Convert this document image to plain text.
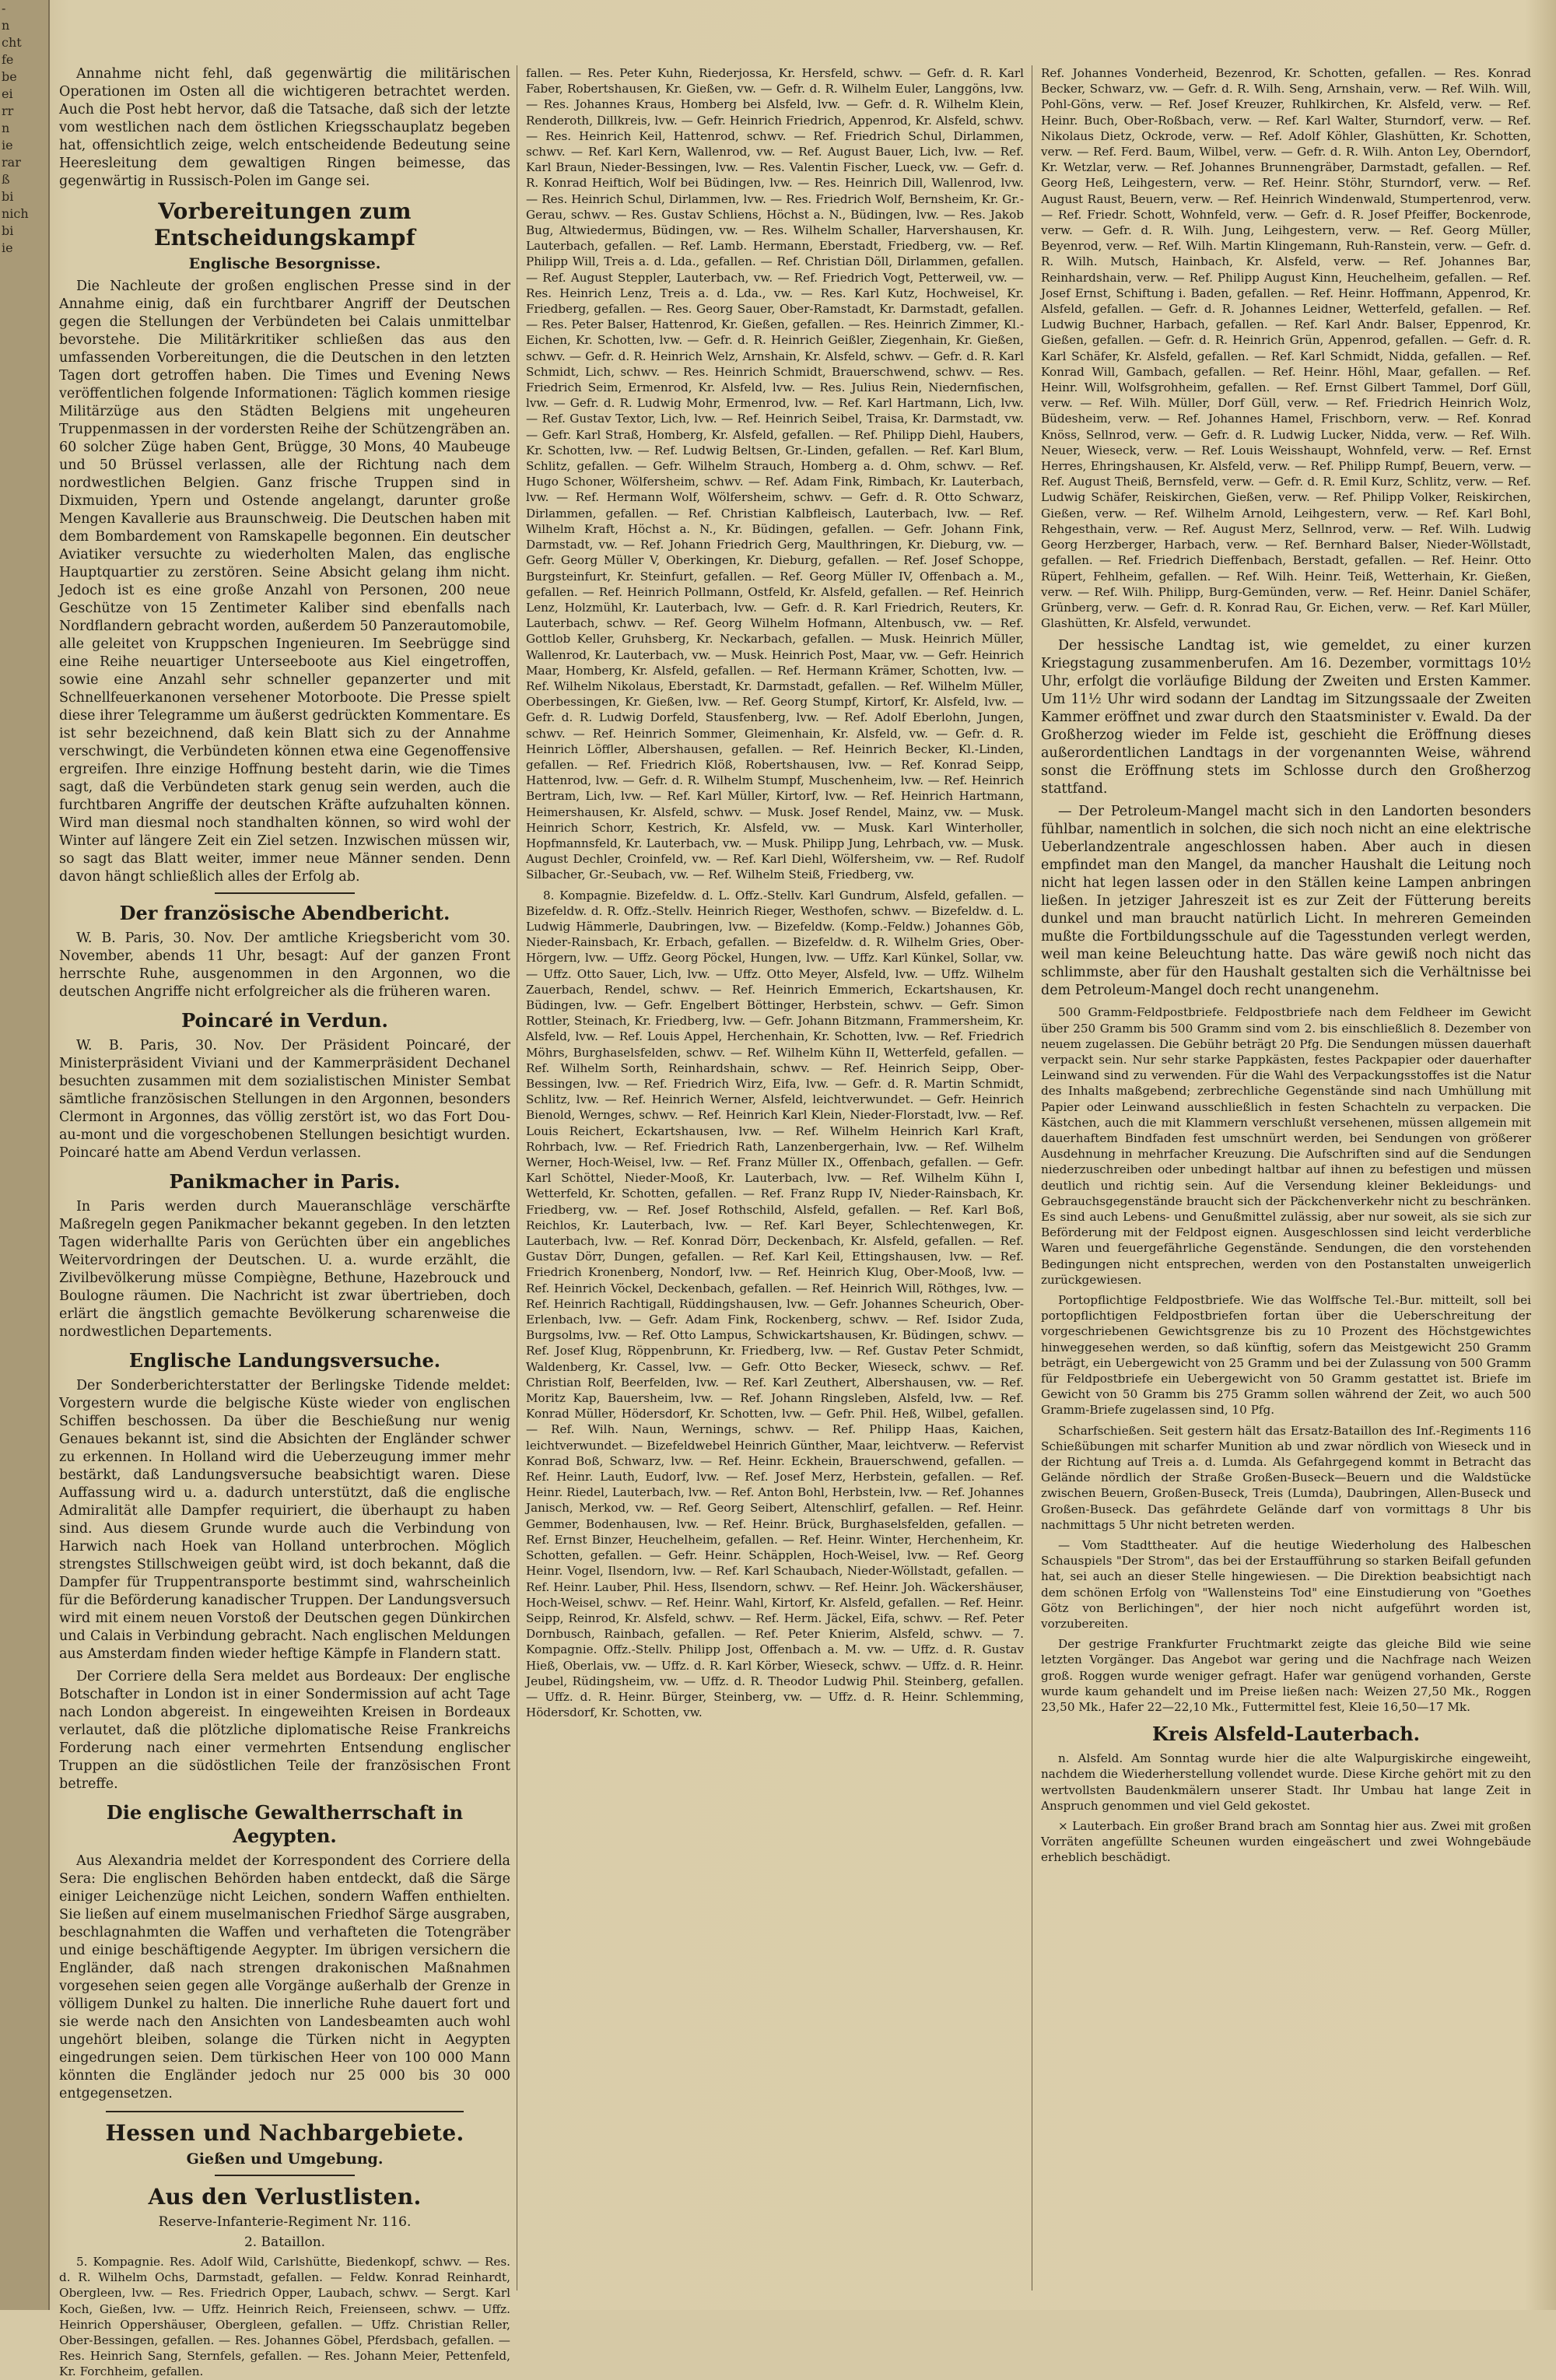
-
n
cht
fe
be
ei
rr
n
ie
rar
ß
bi
nich
bi
ie

Annahme nicht fehl, daß gegenwärtig die militärischen Operationen im Osten all die wichtigeren betrachtet werden. Auch die Post hebt hervor, daß die Tatsache, daß sich der letzte vom westlichen nach dem östlichen Kriegsschauplatz begeben hat, offensichtlich zeige, welch entscheidende Bedeutung seine Heeresleitung dem gewaltigen Ringen beimesse, das gegenwärtig in Russisch-Polen im Gange sei.

Vorbereitungen zum Entscheidungskampf
Englische Besorgnisse.

Die Nachleute der großen englischen Presse sind in der Annahme einig, daß ein furchtbarer Angriff der Deutschen gegen die Stellungen der Verbündeten bei Calais unmittelbar bevorstehe. Die Militärkritiker schließen das aus den umfassenden Vorbereitungen, die die Deutschen in den letzten Tagen dort getroffen haben. Die Times und Evening News veröffentlichen folgende Informationen: Täglich kommen riesige Militärzüge aus den Städten Belgiens mit ungeheuren Truppenmassen in der vordersten Reihe der Schützengräben an. 60 solcher Züge haben Gent, Brügge, 30 Mons, 40 Maubeuge und 50 Brüssel verlassen, alle der Richtung nach dem nordwestlichen Belgien. Ganz frische Truppen sind in Dixmuiden, Ypern und Ostende angelangt, darunter große Mengen Kavallerie aus Braunschweig. Die Deutschen haben mit dem Bombardement von Ramskapelle begonnen. Ein deutscher Aviatiker versuchte zu wiederholten Malen, das englische Hauptquartier zu zerstören. Seine Absicht gelang ihm nicht. Jedoch ist es eine große Anzahl von Personen, 200 neue Geschütze von 15 Zentimeter Kaliber sind ebenfalls nach Nordflandern gebracht worden, außerdem 50 Panzerautomobile, alle geleitet von Kruppschen Ingenieuren. Im Seebrügge sind eine Reihe neuartiger Unterseeboote aus Kiel eingetroffen, sowie eine Anzahl sehr schneller gepanzerter und mit Schnellfeuerkanonen versehener Motorboote. Die Presse spielt diese ihrer Telegramme um äußerst gedrückten Kommentare. Es ist sehr bezeichnend, daß kein Blatt sich zu der Annahme verschwingt, die Verbündeten können etwa eine Gegenoffensive ergreifen. Ihre einzige Hoffnung besteht darin, wie die Times sagt, daß die Verbündeten stark genug sein werden, auch die furchtbaren Angriffe der deutschen Kräfte aufzuhalten können. Wird man diesmal noch standhalten können, so wird wohl der Winter auf längere Zeit ein Ziel setzen. Inzwischen müssen wir, so sagt das Blatt weiter, immer neue Männer senden. Denn davon hängt schließlich alles der Erfolg ab.

Der französische Abendbericht.

W. B. Paris, 30. Nov. Der amtliche Kriegsbericht vom 30. November, abends 11 Uhr, besagt: Auf der ganzen Front herrschte Ruhe, ausgenommen in den Argonnen, wo die deutschen Angriffe nicht erfolgreicher als die früheren waren.

Poincaré in Verdun.

W. B. Paris, 30. Nov. Der Präsident Poincaré, der Ministerpräsident Viviani und der Kammerpräsident Dechanel besuchten zusammen mit dem sozialistischen Minister Sembat sämtliche französischen Stellungen in den Argonnen, besonders Clermont in Argonnes, das völlig zerstört ist, wo das Fort Dou-au-mont und die vorgeschobenen Stellungen besichtigt wurden. Poincaré hatte am Abend Verdun verlassen.

Panikmacher in Paris.

In Paris werden durch Maueranschläge verschärfte Maßregeln gegen Panikmacher bekannt gegeben. In den letzten Tagen widerhallte Paris von Gerüchten über ein angebliches Weitervordringen der Deutschen. U. a. wurde erzählt, die Zivilbevölkerung müsse Compiègne, Bethune, Hazebrouck und Boulogne räumen. Die Nachricht ist zwar übertrieben, doch erlärt die ängstlich gemachte Bevölkerung scharenweise die nordwestlichen Departements.

Englische Landungsversuche.

Der Sonderberichterstatter der Berlingske Tidende meldet: Vorgestern wurde die belgische Küste wieder von englischen Schiffen beschossen. Da über die Beschießung nur wenig Genaues bekannt ist, sind die Absichten der Engländer schwer zu erkennen. In Holland wird die Ueberzeugung immer mehr bestärkt, daß Landungsversuche beabsichtigt waren. Diese Auffassung wird u. a. dadurch unterstützt, daß die englische Admiralität alle Dampfer requiriert, die überhaupt zu haben sind. Aus diesem Grunde wurde auch die Verbindung von Harwich nach Hoek van Holland unterbrochen. Möglich strengstes Stillschweigen geübt wird, ist doch bekannt, daß die Dampfer für Truppentransporte bestimmt sind, wahrscheinlich für die Beförderung kanadischer Truppen. Der Landungsversuch wird mit einem neuen Vorstoß der Deutschen gegen Dünkirchen und Calais in Verbindung gebracht. Nach englischen Meldungen aus Amsterdam finden wieder heftige Kämpfe in Flandern statt.

Der Corriere della Sera meldet aus Bordeaux: Der englische Botschafter in London ist in einer Sondermission auf acht Tage nach London abgereist. In eingeweihten Kreisen in Bordeaux verlautet, daß die plötzliche diplomatische Reise Frankreichs Forderung nach einer vermehrten Entsendung englischer Truppen an die südöstlichen Teile der französischen Front betreffe.

Die englische Gewaltherrschaft in Aegypten.

Aus Alexandria meldet der Korrespondent des Corriere della Sera: Die englischen Behörden haben entdeckt, daß die Särge einiger Leichenzüge nicht Leichen, sondern Waffen enthielten. Sie ließen auf einem muselmanischen Friedhof Särge ausgraben, beschlagnahmten die Waffen und verhafteten die Totengräber und einige beschäftigende Aegypter. Im übrigen versichern die Engländer, daß nach strengen drakonischen Maßnahmen vorgesehen seien gegen alle Vorgänge außerhalb der Grenze in völligem Dunkel zu halten. Die innerliche Ruhe dauert fort und sie werde nach den Ansichten von Landesbeamten auch wohl ungehört bleiben, solange die Türken nicht in Aegypten eingedrungen seien. Dem türkischen Heer von 100 000 Mann könnten die Engländer jedoch nur 25 000 bis 30 000 entgegensetzen.

Hessen und Nachbargebiete.
Gießen und Umgebung.
Aus den Verlustlisten.
Reserve-Infanterie-Regiment Nr. 116.
2. Bataillon.

5. Kompagnie. Res. Adolf Wild, Carlshütte, Biedenkopf, schwv. — Res. d. R. Wilhelm Ochs, Darmstadt, gefallen. — Feldw. Konrad Reinhardt, Obergleen, lvw. — Res. Friedrich Opper, Laubach, schwv. — Sergt. Karl Koch, Gießen, lvw. — Uffz. Heinrich Reich, Freienseen, schwv. — Uffz. Heinrich Oppershäuser, Obergleen, gefallen. — Uffz. Christian Reller, Ober-Bessingen, gefallen. — Res. Johannes Göbel, Pferdsbach, gefallen. — Res. Heinrich Sang, Sternfels, gefallen. — Res. Johann Meier, Pettenfeld, Kr. Forchheim, gefallen.

fallen. — Res. Peter Kuhn, Riederjossa, Kr. Hersfeld, schwv. — Gefr. d. R. Karl Faber, Robertshausen, Kr. Gießen, vw. — Gefr. d. R. Wilhelm Euler, Langgöns, lvw. — Res. Johannes Kraus, Homberg bei Alsfeld, lvw. — Gefr. d. R. Wilhelm Klein, Renderoth, Dillkreis, lvw. — Gefr. Heinrich Friedrich, Appenrod, Kr. Alsfeld, schwv. — Res. Heinrich Keil, Hattenrod, schwv. — Ref. Friedrich Schul, Dirlammen, schwv. — Ref. Karl Kern, Wallenrod, vw. — Ref. August Bauer, Lich, lvw. — Ref. Karl Braun, Nieder-Bessingen, lvw. — Res. Valentin Fischer, Lueck, vw. — Gefr. d. R. Konrad Heiftich, Wolf bei Büdingen, lvw. — Res. Heinrich Dill, Wallenrod, lvw. — Res. Heinrich Schul, Dirlammen, lvw. — Res. Friedrich Wolf, Bernsheim, Kr. Gr.-Gerau, schwv. — Res. Gustav Schliens, Höchst a. N., Büdingen, lvw. — Res. Jakob Bug, Altwiedermus, Büdingen, vw. — Res. Wilhelm Schaller, Harvershausen, Kr. Lauterbach, gefallen. — Ref. Lamb. Hermann, Eberstadt, Friedberg, vw. — Ref. Philipp Will, Treis a. d. Lda., gefallen. — Ref. Christian Döll, Dirlammen, gefallen. — Ref. August Steppler, Lauterbach, vw. — Ref. Friedrich Vogt, Petterweil, vw. — Res. Heinrich Lenz, Treis a. d. Lda., vw. — Res. Karl Kutz, Hochweisel, Kr. Friedberg, gefallen. — Res. Georg Sauer, Ober-Ramstadt, Kr. Darmstadt, gefallen. — Res. Peter Balser, Hattenrod, Kr. Gießen, gefallen. — Res. Heinrich Zimmer, Kl.-Eichen, Kr. Schotten, lvw. — Gefr. d. R. Heinrich Geißler, Ziegenhain, Kr. Gießen, schwv. — Gefr. d. R. Heinrich Welz, Arnshain, Kr. Alsfeld, schwv. — Gefr. d. R. Karl Schmidt, Lich, schwv. — Res. Heinrich Schmidt, Brauerschwend, schwv. — Res. Friedrich Seim, Ermenrod, Kr. Alsfeld, lvw. — Res. Julius Rein, Niedernfischen, lvw. — Gefr. d. R. Ludwig Mohr, Ermenrod, lvw. — Ref. Karl Hartmann, Lich, lvw. — Ref. Gustav Textor, Lich, lvw. — Ref. Heinrich Seibel, Traisa, Kr. Darmstadt, vw. — Gefr. Karl Straß, Homberg, Kr. Alsfeld, gefallen. — Ref. Philipp Diehl, Haubers, Kr. Schotten, lvw. — Ref. Ludwig Beltsen, Gr.-Linden, gefallen. — Ref. Karl Blum, Schlitz, gefallen. — Gefr. Wilhelm Strauch, Homberg a. d. Ohm, schwv. — Ref. Hugo Schoner, Wölfersheim, schwv. — Ref. Adam Fink, Rimbach, Kr. Lauterbach, lvw. — Ref. Hermann Wolf, Wölfersheim, schwv. — Gefr. d. R. Otto Schwarz, Dirlammen, gefallen. — Ref. Christian Kalbfleisch, Lauterbach, lvw. — Ref. Wilhelm Kraft, Höchst a. N., Kr. Büdingen, gefallen. — Gefr. Johann Fink, Darmstadt, vw. — Ref. Johann Friedrich Gerg, Maulthringen, Kr. Dieburg, vw. — Gefr. Georg Müller V, Oberkingen, Kr. Dieburg, gefallen. — Ref. Josef Schoppe, Burgsteinfurt, Kr. Steinfurt, gefallen. — Ref. Georg Müller IV, Offenbach a. M., gefallen. — Ref. Heinrich Pollmann, Ostfeld, Kr. Alsfeld, gefallen. — Ref. Heinrich Lenz, Holzmühl, Kr. Lauterbach, lvw. — Gefr. d. R. Karl Friedrich, Reuters, Kr. Lauterbach, schwv. — Ref. Georg Wilhelm Hofmann, Altenbusch, vw. — Ref. Gottlob Keller, Gruhsberg, Kr. Neckarbach, gefallen. — Musk. Heinrich Müller, Wallenrod, Kr. Lauterbach, vw. — Musk. Heinrich Post, Maar, vw. — Gefr. Heinrich Maar, Homberg, Kr. Alsfeld, gefallen. — Ref. Hermann Krämer, Schotten, lvw. — Ref. Wilhelm Nikolaus, Eberstadt, Kr. Darmstadt, gefallen. — Ref. Wilhelm Müller, Oberbessingen, Kr. Gießen, lvw. — Ref. Georg Stumpf, Kirtorf, Kr. Alsfeld, lvw. — Gefr. d. R. Ludwig Dorfeld, Stausfenberg, lvw. — Ref. Adolf Eberlohn, Jungen, schwv. — Ref. Heinrich Sommer, Gleimenhain, Kr. Alsfeld, vw. — Gefr. d. R. Heinrich Löffler, Albershausen, gefallen. — Ref. Heinrich Becker, Kl.-Linden, gefallen. — Ref. Friedrich Klöß, Robertshausen, lvw. — Ref. Konrad Seipp, Hattenrod, lvw. — Gefr. d. R. Wilhelm Stumpf, Muschenheim, lvw. — Ref. Heinrich Bertram, Lich, lvw. — Ref. Karl Müller, Kirtorf, lvw. — Ref. Heinrich Hartmann, Heimershausen, Kr. Alsfeld, schwv. — Musk. Josef Rendel, Mainz, vw. — Musk. Heinrich Schorr, Kestrich, Kr. Alsfeld, vw. — Musk. Karl Winterholler, Hopfmannsfeld, Kr. Lauterbach, vw. — Musk. Philipp Jung, Lehrbach, vw. — Musk. August Dechler, Croinfeld, vw. — Ref. Karl Diehl, Wölfersheim, vw. — Ref. Rudolf Silbacher, Gr.-Seubach, vw. — Ref. Wilhelm Steiß, Friedberg, vw.

8. Kompagnie. Bizefeldw. d. L. Offz.-Stellv. Karl Gundrum, Alsfeld, gefallen. — Bizefeldw. d. R. Offz.-Stellv. Heinrich Rieger, Westhofen, schwv. — Bizefeldw. d. L. Ludwig Hämmerle, Daubringen, lvw. — Bizefeldw. (Komp.-Feldw.) Johannes Göb, Nieder-Rainsbach, Kr. Erbach, gefallen. — Bizefeldw. d. R. Wilhelm Gries, Ober-Hörgern, lvw. — Uffz. Georg Pöckel, Hungen, lvw. — Uffz. Karl Künkel, Sollar, vw. — Uffz. Otto Sauer, Lich, lvw. — Uffz. Otto Meyer, Alsfeld, lvw. — Uffz. Wilhelm Zauerbach, Rendel, schwv. — Ref. Heinrich Emmerich, Eckartshausen, Kr. Büdingen, lvw. — Gefr. Engelbert Böttinger, Herbstein, schwv. — Gefr. Simon Rottler, Steinach, Kr. Friedberg, lvw. — Gefr. Johann Bitzmann, Frammersheim, Kr. Alsfeld, lvw. — Ref. Louis Appel, Herchenhain, Kr. Schotten, lvw. — Ref. Friedrich Möhrs, Burghaselsfelden, schwv. — Ref. Wilhelm Kühn II, Wetterfeld, gefallen. — Ref. Wilhelm Sorth, Reinhardshain, schwv. — Ref. Heinrich Seipp, Ober-Bessingen, lvw. — Ref. Friedrich Wirz, Eifa, lvw. — Gefr. d. R. Martin Schmidt, Schlitz, lvw. — Ref. Heinrich Werner, Alsfeld, leichtverwundet. — Gefr. Heinrich Bienold, Wernges, schwv. — Ref. Heinrich Karl Klein, Nieder-Florstadt, lvw. — Ref. Louis Reichert, Eckartshausen, lvw. — Ref. Wilhelm Heinrich Karl Kraft, Rohrbach, lvw. — Ref. Friedrich Rath, Lanzenbergerhain, lvw. — Ref. Wilhelm Werner, Hoch-Weisel, lvw. — Ref. Franz Müller IX., Offenbach, gefallen. — Gefr. Karl Schöttel, Nieder-Mooß, Kr. Lauterbach, lvw. — Ref. Wilhelm Kühn I, Wetterfeld, Kr. Schotten, gefallen. — Ref. Franz Rupp IV, Nieder-Rainsbach, Kr. Friedberg, vw. — Ref. Josef Rothschild, Alsfeld, gefallen. — Ref. Karl Boß, Reichlos, Kr. Lauterbach, lvw. — Ref. Karl Beyer, Schlechtenwegen, Kr. Lauterbach, lvw. — Ref. Konrad Dörr, Deckenbach, Kr. Alsfeld, gefallen. — Ref. Gustav Dörr, Dungen, gefallen. — Ref. Karl Keil, Ettingshausen, lvw. — Ref. Friedrich Kronenberg, Nondorf, lvw. — Ref. Heinrich Klug, Ober-Mooß, lvw. — Ref. Heinrich Vöckel, Deckenbach, gefallen. — Ref. Heinrich Will, Röthges, lvw. — Ref. Heinrich Rachtigall, Rüddingshausen, lvw. — Gefr. Johannes Scheurich, Ober-Erlenbach, lvw. — Gefr. Adam Fink, Rockenberg, schwv. — Ref. Isidor Zuda, Burgsolms, lvw. — Ref. Otto Lampus, Schwickartshausen, Kr. Büdingen, schwv. — Ref. Josef Klug, Röppenbrunn, Kr. Friedberg, lvw. — Ref. Gustav Peter Schmidt, Waldenberg, Kr. Cassel, lvw. — Gefr. Otto Becker, Wieseck, schwv. — Ref. Christian Rolf, Beerfelden, lvw. — Ref. Karl Zeuthert, Albershausen, vw. — Ref. Moritz Kap, Bauersheim, lvw. — Ref. Johann Ringsleben, Alsfeld, lvw. — Ref. Konrad Müller, Hödersdorf, Kr. Schotten, lvw. — Gefr. Phil. Heß, Wilbel, gefallen. — Ref. Wilh. Naun, Wernings, schwv. — Ref. Philipp Haas, Kaichen, leichtverwundet. — Bizefeldwebel Heinrich Günther, Maar, leichtverw. — Refervist Konrad Boß, Schwarz, lvw. — Ref. Heinr. Eckhein, Brauerschwend, gefallen. — Ref. Heinr. Lauth, Eudorf, lvw. — Ref. Josef Merz, Herbstein, gefallen. — Ref. Heinr. Riedel, Lauterbach, lvw. — Ref. Anton Bohl, Herbstein, lvw. — Ref. Johannes Janisch, Merkod, vw. — Ref. Georg Seibert, Altenschlirf, gefallen. — Ref. Heinr. Gemmer, Bodenhausen, lvw. — Ref. Heinr. Brück, Burghaselsfelden, gefallen. — Ref. Ernst Binzer, Heuchelheim, gefallen. — Ref. Heinr. Winter, Herchenheim, Kr. Schotten, gefallen. — Gefr. Heinr. Schäpplen, Hoch-Weisel, lvw. — Ref. Georg Heinr. Vogel, Ilsendorn, lvw. — Ref. Karl Schaubach, Nieder-Wöllstadt, gefallen. — Ref. Heinr. Lauber, Phil. Hess, Ilsendorn, schwv. — Ref. Heinr. Joh. Wäckershäuser, Hoch-Weisel, schwv. — Ref. Heinr. Wahl, Kirtorf, Kr. Alsfeld, gefallen. — Ref. Heinr. Seipp, Reinrod, Kr. Alsfeld, schwv. — Ref. Herm. Jäckel, Eifa, schwv. — Ref. Peter Dornbusch, Rainbach, gefallen. — Ref. Peter Knierim, Alsfeld, schwv. — 7. Kompagnie. Offz.-Stellv. Philipp Jost, Offenbach a. M. vw. — Uffz. d. R. Gustav Hieß, Oberlais, vw. — Uffz. d. R. Karl Körber, Wieseck, schwv. — Uffz. d. R. Heinr. Jeubel, Rüdingsheim, vw. — Uffz. d. R. Theodor Ludwig Phil. Steinberg, gefallen. — Uffz. d. R. Heinr. Bürger, Steinberg, vw. — Uffz. d. R. Heinr. Schlemming, Hödersdorf, Kr. Schotten, vw.

Ref. Johannes Vonderheid, Bezenrod, Kr. Schotten, gefallen. — Res. Konrad Becker, Schwarz, vw. — Gefr. d. R. Wilh. Seng, Arnshain, verw. — Ref. Wilh. Will, Pohl-Göns, verw. — Ref. Josef Kreuzer, Ruhlkirchen, Kr. Alsfeld, verw. — Ref. Heinr. Buch, Ober-Roßbach, verw. — Ref. Karl Walter, Sturndorf, verw. — Ref. Nikolaus Dietz, Ockrode, verw. — Ref. Adolf Köhler, Glashütten, Kr. Schotten, verw. — Ref. Ferd. Baum, Wilbel, verw. — Gefr. d. R. Wilh. Anton Ley, Oberndorf, Kr. Wetzlar, verw. — Ref. Johannes Brunnengräber, Darmstadt, gefallen. — Ref. Georg Heß, Leihgestern, verw. — Ref. Heinr. Stöhr, Sturndorf, verw. — Ref. August Raust, Beuern, verw. — Ref. Heinrich Windenwald, Stumpertenrod, verw. — Ref. Friedr. Schott, Wohnfeld, verw. — Gefr. d. R. Josef Pfeiffer, Bockenrode, verw. — Gefr. d. R. Wilh. Jung, Leihgestern, verw. — Ref. Georg Müller, Beyenrod, verw. — Ref. Wilh. Martin Klingemann, Ruh-Ranstein, verw. — Gefr. d. R. Wilh. Mutsch, Hainbach, Kr. Alsfeld, verw. — Ref. Johannes Bar, Reinhardshain, verw. — Ref. Philipp August Kinn, Heuchelheim, gefallen. — Ref. Josef Ernst, Schiftung i. Baden, gefallen. — Ref. Heinr. Hoffmann, Appenrod, Kr. Alsfeld, gefallen. — Gefr. d. R. Johannes Leidner, Wetterfeld, gefallen. — Ref. Ludwig Buchner, Harbach, gefallen. — Ref. Karl Andr. Balser, Eppenrod, Kr. Gießen, gefallen. — Gefr. d. R. Heinrich Grün, Appenrod, gefallen. — Gefr. d. R. Karl Schäfer, Kr. Alsfeld, gefallen. — Ref. Karl Schmidt, Nidda, gefallen. — Ref. Konrad Will, Gambach, gefallen. — Ref. Heinr. Höhl, Maar, gefallen. — Ref. Heinr. Will, Wolfsgrohheim, gefallen. — Ref. Ernst Gilbert Tammel, Dorf Güll, verw. — Ref. Wilh. Müller, Dorf Güll, verw. — Ref. Friedrich Heinrich Wolz, Büdesheim, verw. — Ref. Johannes Hamel, Frischborn, verw. — Ref. Konrad Knöss, Sellnrod, verw. — Gefr. d. R. Ludwig Lucker, Nidda, verw. — Ref. Wilh. Neuer, Wieseck, verw. — Ref. Louis Weisshaupt, Wohnfeld, verw. — Ref. Ernst Herres, Ehringshausen, Kr. Alsfeld, verw. — Ref. Philipp Rumpf, Beuern, verw. — Ref. August Theiß, Bernsfeld, verw. — Gefr. d. R. Emil Kurz, Schlitz, verw. — Ref. Ludwig Schäfer, Reiskirchen, Gießen, verw. — Ref. Philipp Volker, Reiskirchen, Gießen, verw. — Ref. Wilhelm Arnold, Leihgestern, verw. — Ref. Karl Bohl, Rehgesthain, verw. — Ref. August Merz, Sellnrod, verw. — Ref. Wilh. Ludwig Georg Herzberger, Harbach, verw. — Ref. Bernhard Balser, Nieder-Wöllstadt, gefallen. — Ref. Friedrich Dieffenbach, Berstadt, gefallen. — Ref. Heinr. Otto Rüpert, Fehlheim, gefallen. — Ref. Wilh. Heinr. Teiß, Wetterhain, Kr. Gießen, verw. — Ref. Wilh. Philipp, Burg-Gemünden, verw. — Ref. Heinr. Daniel Schäfer, Grünberg, verw. — Gefr. d. R. Konrad Rau, Gr. Eichen, verw. — Ref. Karl Müller, Glashütten, Kr. Alsfeld, verwundet.

Der hessische Landtag ist, wie gemeldet, zu einer kurzen Kriegstagung zusammenberufen. Am 16. Dezember, vormittags 10½ Uhr, erfolgt die vorläufige Bildung der Zweiten und Ersten Kammer. Um 11½ Uhr wird sodann der Landtag im Sitzungssaale der Zweiten Kammer eröffnet und zwar durch den Staatsminister v. Ewald. Da der Großherzog wieder im Felde ist, geschieht die Eröffnung dieses außerordentlichen Landtags in der vorgenannten Weise, während sonst die Eröffnung stets im Schlosse durch den Großherzog stattfand.

— Der Petroleum-Mangel macht sich in den Landorten besonders fühlbar, namentlich in solchen, die sich noch nicht an eine elektrische Ueberlandzentrale angeschlossen haben. Aber auch in diesen empfindet man den Mangel, da mancher Haushalt die Leitung noch nicht hat legen lassen oder in den Ställen keine Lampen anbringen ließen. In jetziger Jahreszeit ist es zur Zeit der Fütterung bereits dunkel und man braucht natürlich Licht. In mehreren Gemeinden mußte die Fortbildungsschule auf die Tagesstunden verlegt werden, weil man keine Beleuchtung hatte. Das wäre gewiß noch nicht das schlimmste, aber für den Haushalt gestalten sich die Verhältnisse bei dem Petroleum-Mangel doch recht unangenehm.

500 Gramm-Feldpostbriefe. Feldpostbriefe nach dem Feldheer im Gewicht über 250 Gramm bis 500 Gramm sind vom 2. bis einschließlich 8. Dezember von neuem zugelassen. Die Gebühr beträgt 20 Pfg. Die Sendungen müssen dauerhaft verpackt sein. Nur sehr starke Pappkästen, festes Packpapier oder dauerhafter Leinwand sind zu verwenden. Für die Wahl des Verpackungsstoffes ist die Natur des Inhalts maßgebend; zerbrechliche Gegenstände sind nach Umhüllung mit Papier oder Leinwand ausschließlich in festen Schachteln zu verpacken. Die Kästchen, auch die mit Klammern verschlußt versehenen, müssen allgemein mit dauerhaftem Bindfaden fest umschnürt werden, bei Sendungen von größerer Ausdehnung in mehrfacher Kreuzung. Die Aufschriften sind auf die Sendungen niederzuschreiben oder unbedingt haltbar auf ihnen zu befestigen und müssen deutlich und richtig sein. Auf die Versendung kleiner Bekleidungs- und Gebrauchsgegenstände braucht sich der Päckchenverkehr nicht zu beschränken. Es sind auch Lebens- und Genußmittel zulässig, aber nur soweit, als sie sich zur Beförderung mit der Feldpost eignen. Ausgeschlossen sind leicht verderbliche Waren und feuergefährliche Gegenstände. Sendungen, die den vorstehenden Bedingungen nicht entsprechen, werden von den Postanstalten unweigerlich zurückgewiesen.

Portopflichtige Feldpostbriefe. Wie das Wolffsche Tel.-Bur. mitteilt, soll bei portopflichtigen Feldpostbriefen fortan über die Ueberschreitung der vorgeschriebenen Gewichtsgrenze bis zu 10 Prozent des Höchstgewichtes hinweggesehen werden, so daß künftig, sofern das Meistgewicht 250 Gramm beträgt, ein Uebergewicht von 25 Gramm und bei der Zulassung von 500 Gramm für Feldpostbriefe ein Uebergewicht von 50 Gramm gestattet ist. Briefe im Gewicht von 50 Gramm bis 275 Gramm sollen während der Zeit, wo auch 500 Gramm-Briefe zugelassen sind, 10 Pfg.

Scharfschießen. Seit gestern hält das Ersatz-Bataillon des Inf.-Regiments 116 Schießübungen mit scharfer Munition ab und zwar nördlich von Wieseck und in der Richtung auf Treis a. d. Lumda. Als Gefahrgegend kommt in Betracht das Gelände nördlich der Straße Großen-Buseck—Beuern und die Waldstücke zwischen Beuern, Großen-Buseck, Treis (Lumda), Daubringen, Allen-Buseck und Großen-Buseck. Das gefährdete Gelände darf von vormittags 8 Uhr bis nachmittags 5 Uhr nicht betreten werden.

— Vom Stadttheater. Auf die heutige Wiederholung des Halbeschen Schauspiels "Der Strom", das bei der Erstaufführung so starken Beifall gefunden hat, sei auch an dieser Stelle hingewiesen. — Die Direktion beabsichtigt nach dem schönen Erfolg von "Wallensteins Tod" eine Einstudierung von "Goethes Götz von Berlichingen", der hier noch nicht aufgeführt worden ist, vorzubereiten.

Der gestrige Frankfurter Fruchtmarkt zeigte das gleiche Bild wie seine letzten Vorgänger. Das Angebot war gering und die Nachfrage nach Weizen groß. Roggen wurde weniger gefragt. Hafer war genügend vorhanden, Gerste wurde kaum gehandelt und im Preise ließen nach: Weizen 27,50 Mk., Roggen 23,50 Mk., Hafer 22—22,10 Mk., Futtermittel fest, Kleie 16,50—17 Mk.

Kreis Alsfeld-Lauterbach.

n. Alsfeld. Am Sonntag wurde hier die alte Walpurgiskirche eingeweiht, nachdem die Wiederherstellung vollendet wurde. Diese Kirche gehört mit zu den wertvollsten Baudenkmälern unserer Stadt. Ihr Umbau hat lange Zeit in Anspruch genommen und viel Geld gekostet.

× Lauterbach. Ein großer Brand brach am Sonntag hier aus. Zwei mit großen Vorräten angefüllte Scheunen wurden eingeäschert und zwei Wohngebäude erheblich beschädigt.
